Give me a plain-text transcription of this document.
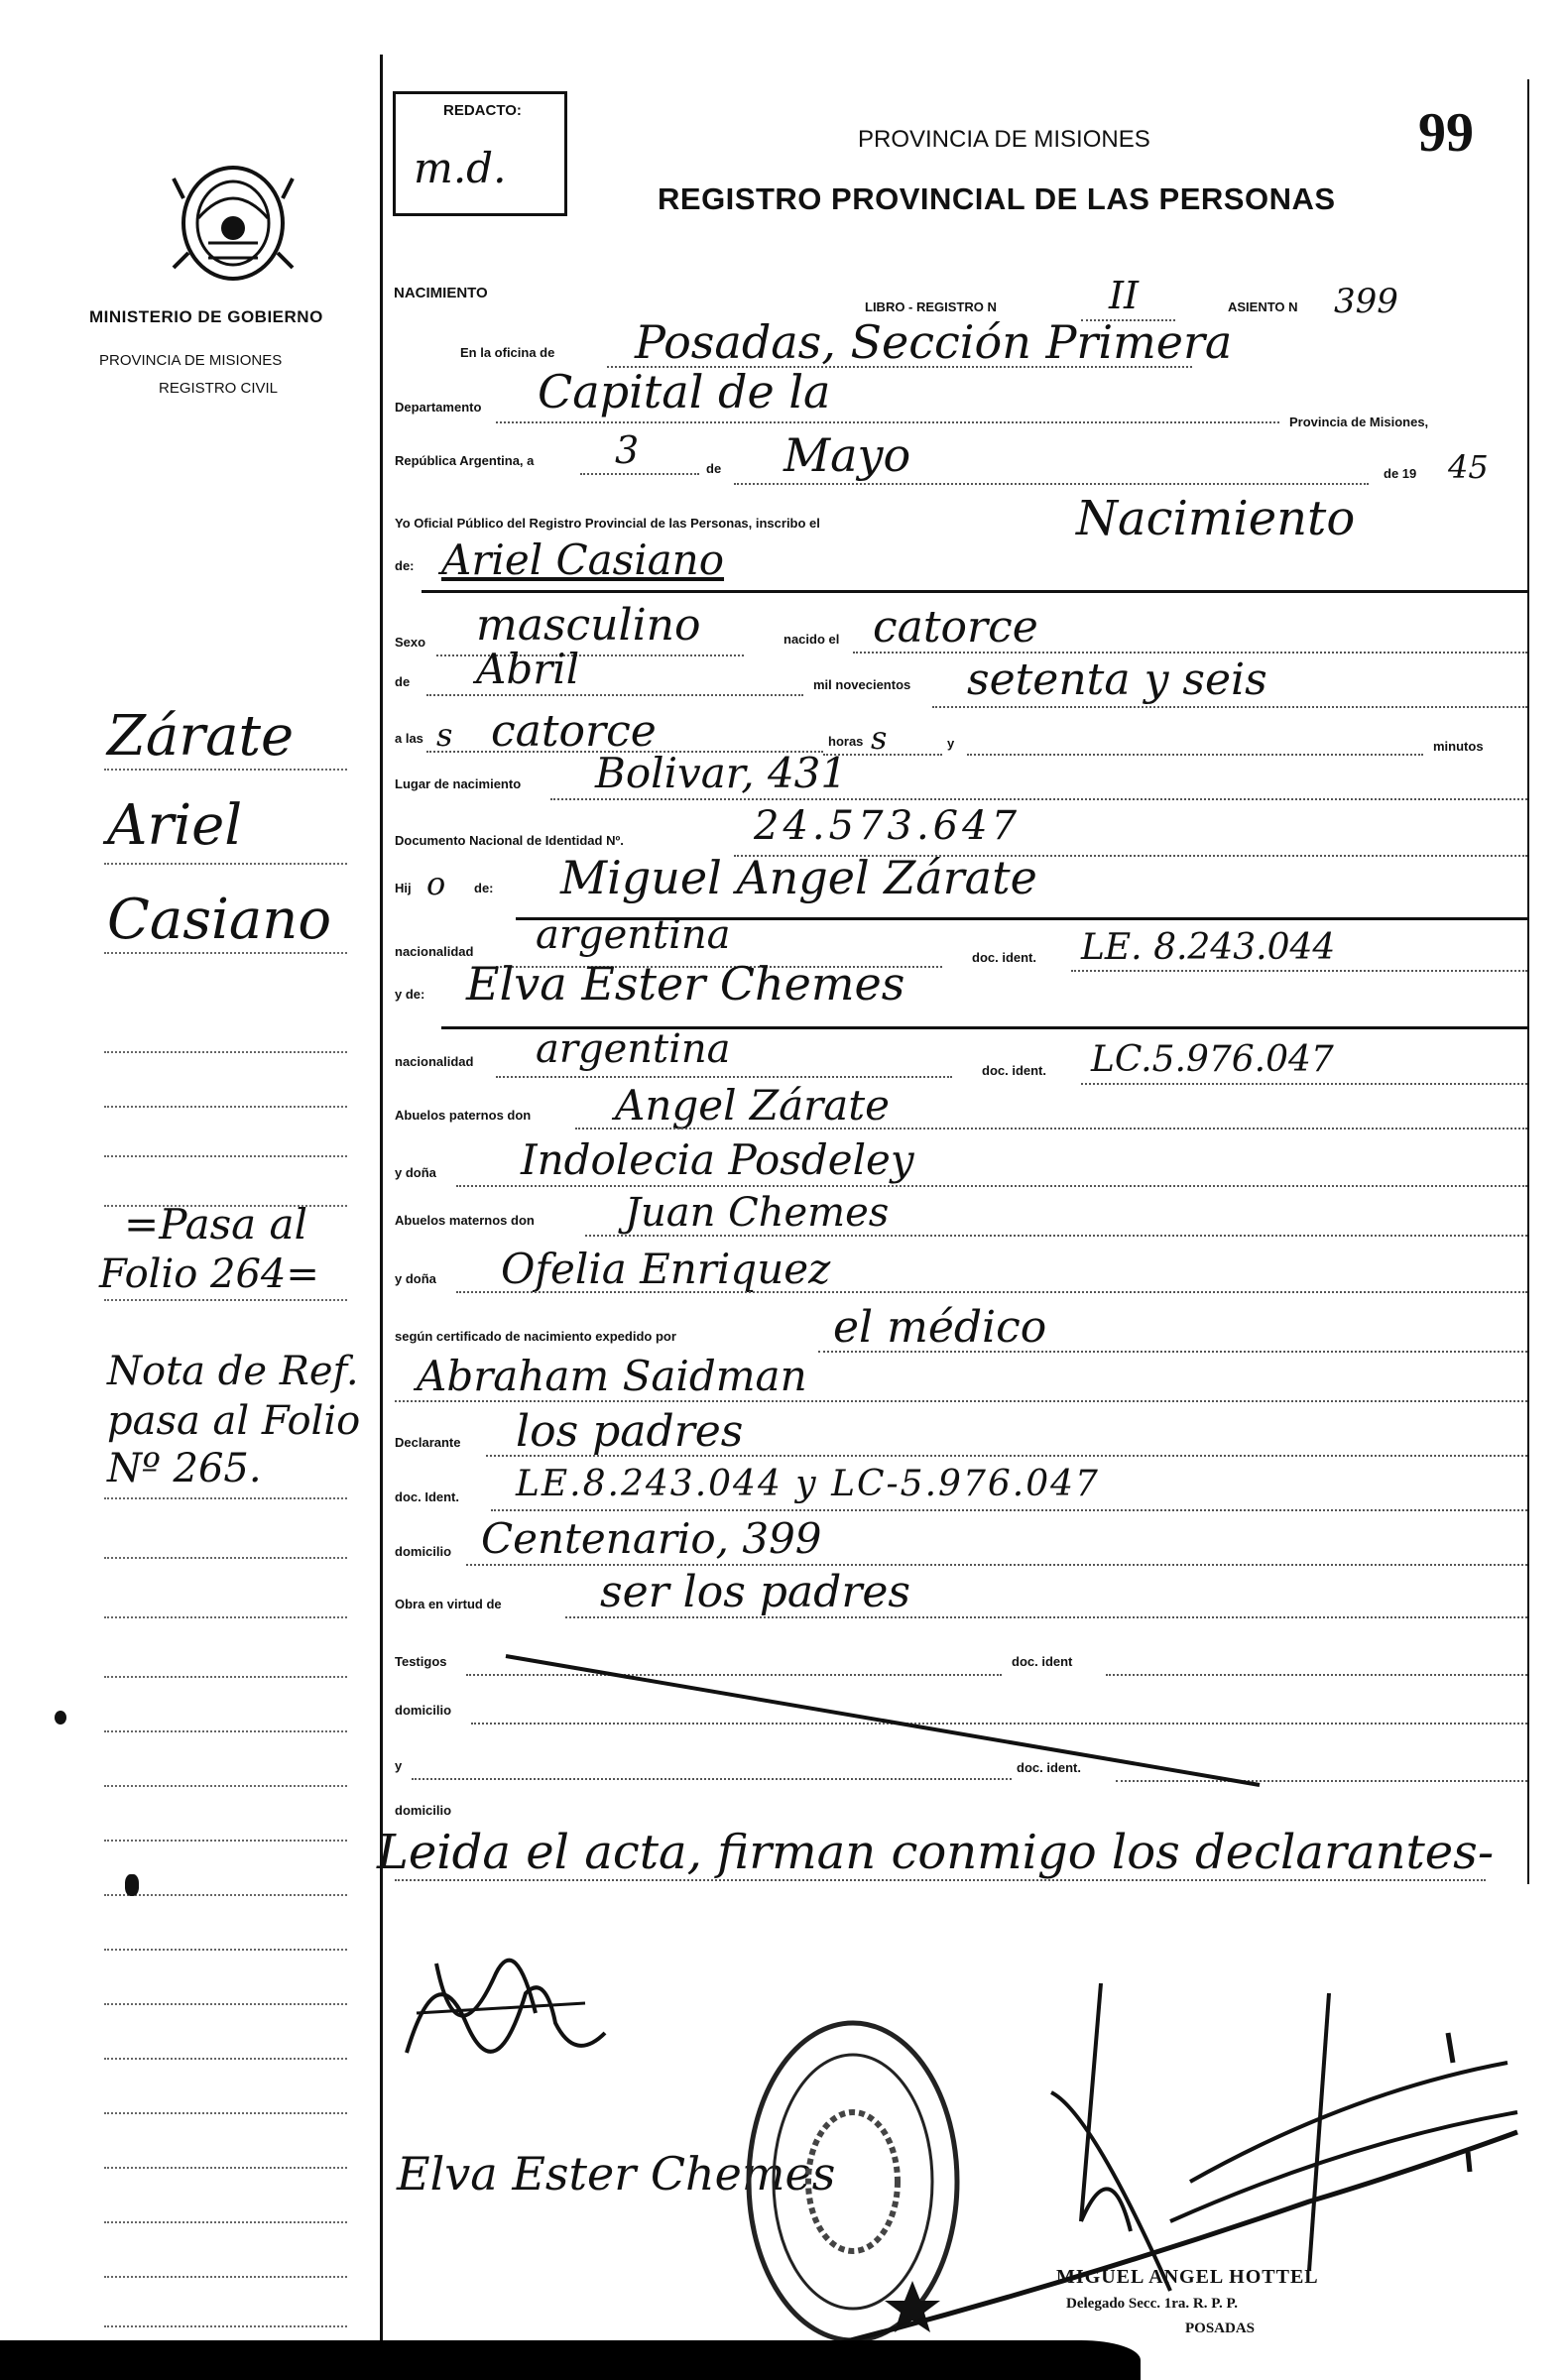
REDACTO:
m.d.
MINISTERIO DE GOBIERNO
PROVINCIA DE MISIONES
REGISTRO CIVIL
PROVINCIA DE MISIONES
REGISTRO PROVINCIAL DE LAS PERSONAS
99
NACIMIENTO
LIBRO - REGISTRO N	II	ASIENTO N 399
En la oficina de Posadas, Sección Primera
Departamento Capital de la
Provincia de Misiones,
República Argentina, a 3	de Mayo	de 19 45
Yo Oficial Público del Registro Provincial de las Personas, inscribo el	Nacimiento
de: Ariel Casiano
Sexo masculino	nacido el catorce
de Abril	mil novecientos setenta y seis
a las s catorce	horas s	y	minutos
Lugar de nacimiento Bolivar, 431
Documento Nacional de Identidad Nº.	24.573.647
Hij o de: Miguel Angel Zárate
nacionalidad argentina	doc. ident. LE. 8.243.044
y de: Elva Ester Chemes
nacionalidad argentina	doc. ident. LC.5.976.047
Abuelos paternos don Angel Zárate
y doña Indolecia Posdeley
Abuelos maternos don Juan Chemes
y doña Ofelia Enriquez
según certificado de nacimiento expedido por	el médico
Abraham Saidman
Declarante los padres
doc. Ident. LE.8.243.044 y LC-5.976.047
domicilio Centenario, 399
Obra en virtud de ser los padres
Testigos	doc. ident
domicilio
y	doc. ident.
domicilio
Leida el acta, firman conmigo los declarantes-
Zárate
Ariel
Casiano
=Pasa al
Folio 264=
Nota de Ref.
pasa al Folio
Nº 265.
Elva Ester Chemes
MIGUEL ANGEL HOTTEL
Delegado Secc. 1ra. R. P. P.
POSADAS
